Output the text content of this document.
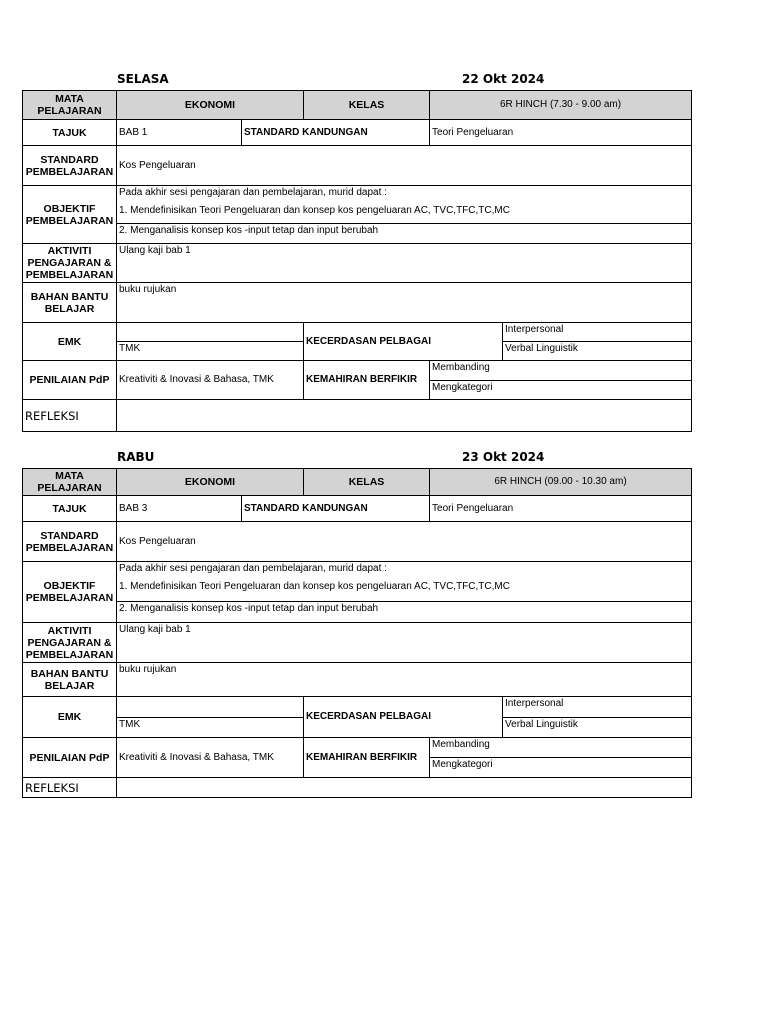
SELASA	22 Okt 2024
MATA PELAJARAN	EKONOMI		KELAS	6R HINCH (7.30 - 9.00 am)	
TAJUK	BAB 1	STANDARD KANDUNGAN		Teori Pengeluaran	
STANDARD PEMBELAJARAN	Kos Pengeluaran				
OBJEKTIF PEMBELAJARAN	Pada akhir sesi pengajaran dan pembelajaran, murid dapat :
1. Mendefinisikan Teori Pengeluaran dan konsep kos pengeluaran AC, TVC,TFC,TC,MC				

	2. Menganalisis konsep kos -input tetap dan input berubah				
AKTIVITI PENGAJARAN & PEMBELAJARAN	Ulang kaji bab 1				
BAHAN BANTU BELAJAR	buku rujukan				
EMK			KECERDASAN PELBAGAI		Interpersonal
	TMK				Verbal Linguistik
PENILAIAN PdP	Kreativiti & Inovasi & Bahasa, TMK		KEMAHIRAN BERFIKIR	Membanding	
				Mengkategori	
REFLEKSI					
RABU	23 Okt 2024
MATA PELAJARAN	EKONOMI		KELAS	6R HINCH (09.00 - 10.30 am)	
TAJUK	BAB 3	STANDARD KANDUNGAN		Teori Pengeluaran	
STANDARD PEMBELAJARAN	Kos Pengeluaran				
OBJEKTIF PEMBELAJARAN	Pada akhir sesi pengajaran dan pembelajaran, murid dapat :
1. Mendefinisikan Teori Pengeluaran dan konsep kos pengeluaran AC, TVC,TFC,TC,MC				

	2. Menganalisis konsep kos -input tetap dan input berubah				
AKTIVITI PENGAJARAN & PEMBELAJARAN	Ulang kaji bab 1				
BAHAN BANTU BELAJAR	buku rujukan				
EMK			KECERDASAN PELBAGAI		Interpersonal
	TMK				Verbal Linguistik
PENILAIAN PdP	Kreativiti & Inovasi & Bahasa, TMK		KEMAHIRAN BERFIKIR	Membanding	
				Mengkategori	
REFLEKSI					
